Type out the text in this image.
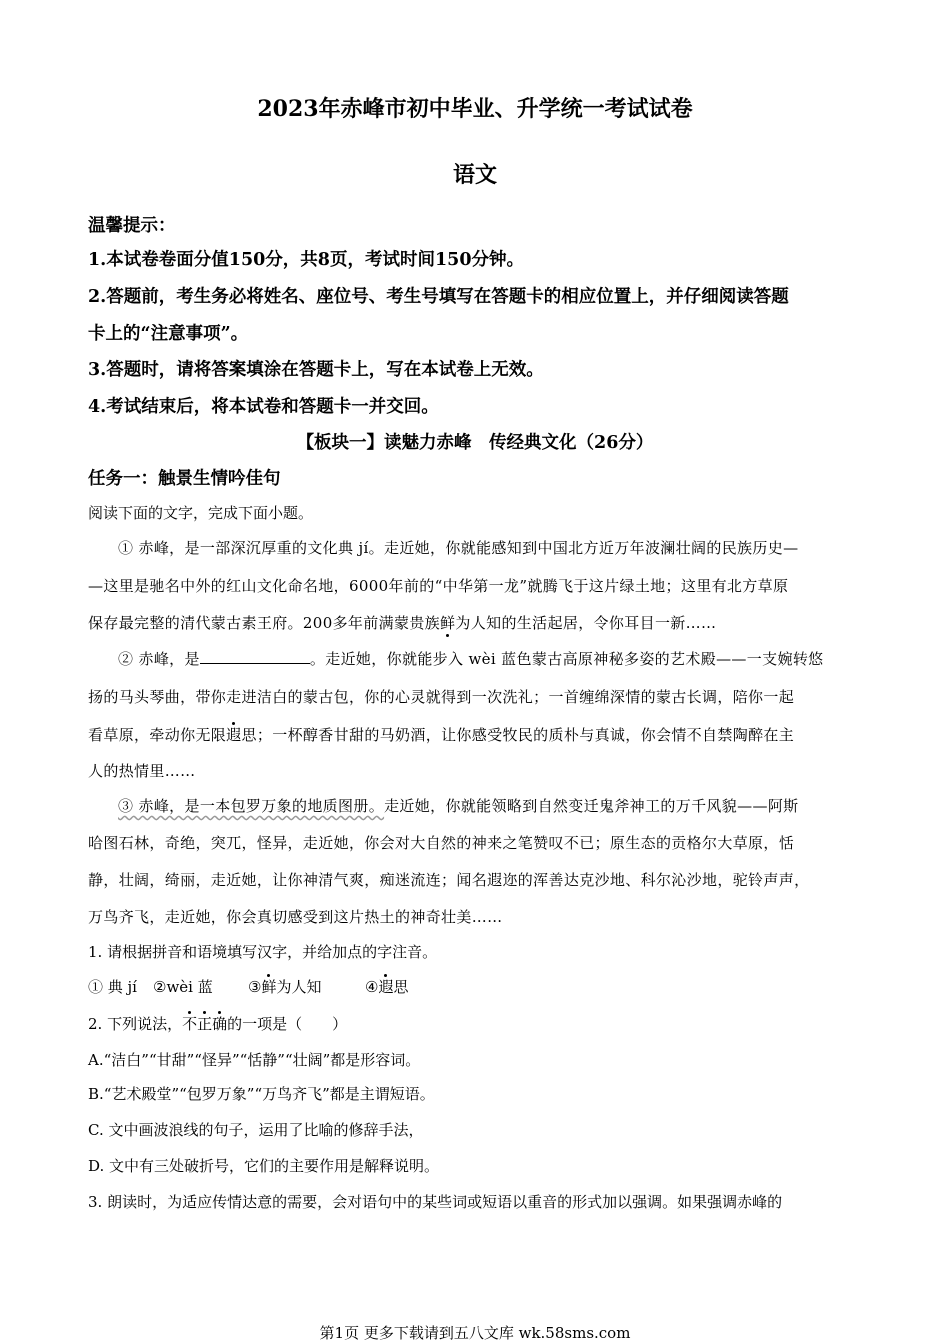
2023年赤峰市初中毕业、升学统一考试试卷
语文
温馨提示：
1.本试卷卷面分值150分，共8页，考试时间150分钟。
2.答题前，考生务必将姓名、座位号、考生号填写在答题卡的相应位置上，并仔细阅读答题
卡上的“注意事项”。
3.答题时，请将答案填涂在答题卡上，写在本试卷上无效。
4.考试结束后，将本试卷和答题卡一并交回。
【板块一】读魅力赤峰　传经典文化（26分）
任务一：触景生情吟佳句
阅读下面的文字，完成下面小题。
① 赤峰，是一部深沉厚重的文化典 jí。走近她，你就能感知到中国北方近万年波澜壮阔的民族历史—
—这里是驰名中外的红山文化命名地，6000年前的“中华第一龙”就腾飞于这片绿土地；这里有北方草原
保存最完整的清代蒙古素王府。200多年前满蒙贵族鲜为人知的生活起居，令你耳目一新……
② 赤峰，是	。走近她，你就能步入 wèi 蓝色蒙古高原神秘多姿的艺术殿——一支婉转悠
扬的马头琴曲，带你走进洁白的蒙古包，你的心灵就得到一次洗礼；一首缠绵深情的蒙古长调，陪你一起
看草原，牵动你无限遐思；一杯醇香甘甜的马奶酒，让你感受牧民的质朴与真诚，你会情不自禁陶醉在主
人的热情里……
③ 赤峰，是一本包罗万象的地质图册。走近她，你就能领略到自然变迁鬼斧神工的万千风貌——阿斯
哈图石林，奇绝，突兀，怪异，走近她，你会对大自然的神来之笔赞叹不已；原生态的贡格尔大草原，恬
静，壮阔，绮丽，走近她，让你神清气爽，痴迷流连；闻名遐迩的浑善达克沙地、科尔沁沙地，驼铃声声，
万鸟齐飞，走近她，你会真切感受到这片热土的神奇壮美……
1. 请根据拼音和语境填写汉字，并给加点的字注音。
① 典 jí ②wèi 蓝 ③鲜为人知	④遐思
2. 下列说法，不正确的一项是（　　）
A.“洁白”“甘甜”“怪异”“恬静”“壮阔”都是形容词。
B.“艺术殿堂”“包罗万象”“万鸟齐飞”都是主谓短语。
C. 文中画波浪线的句子，运用了比喻的修辞手法，
D. 文中有三处破折号，它们的主要作用是解释说明。
3. 朗读时，为适应传情达意的需要，会对语句中的某些词或短语以重音的形式加以强调。如果强调赤峰的
第1页 更多下载请到五八文库 wk.58sms.com
